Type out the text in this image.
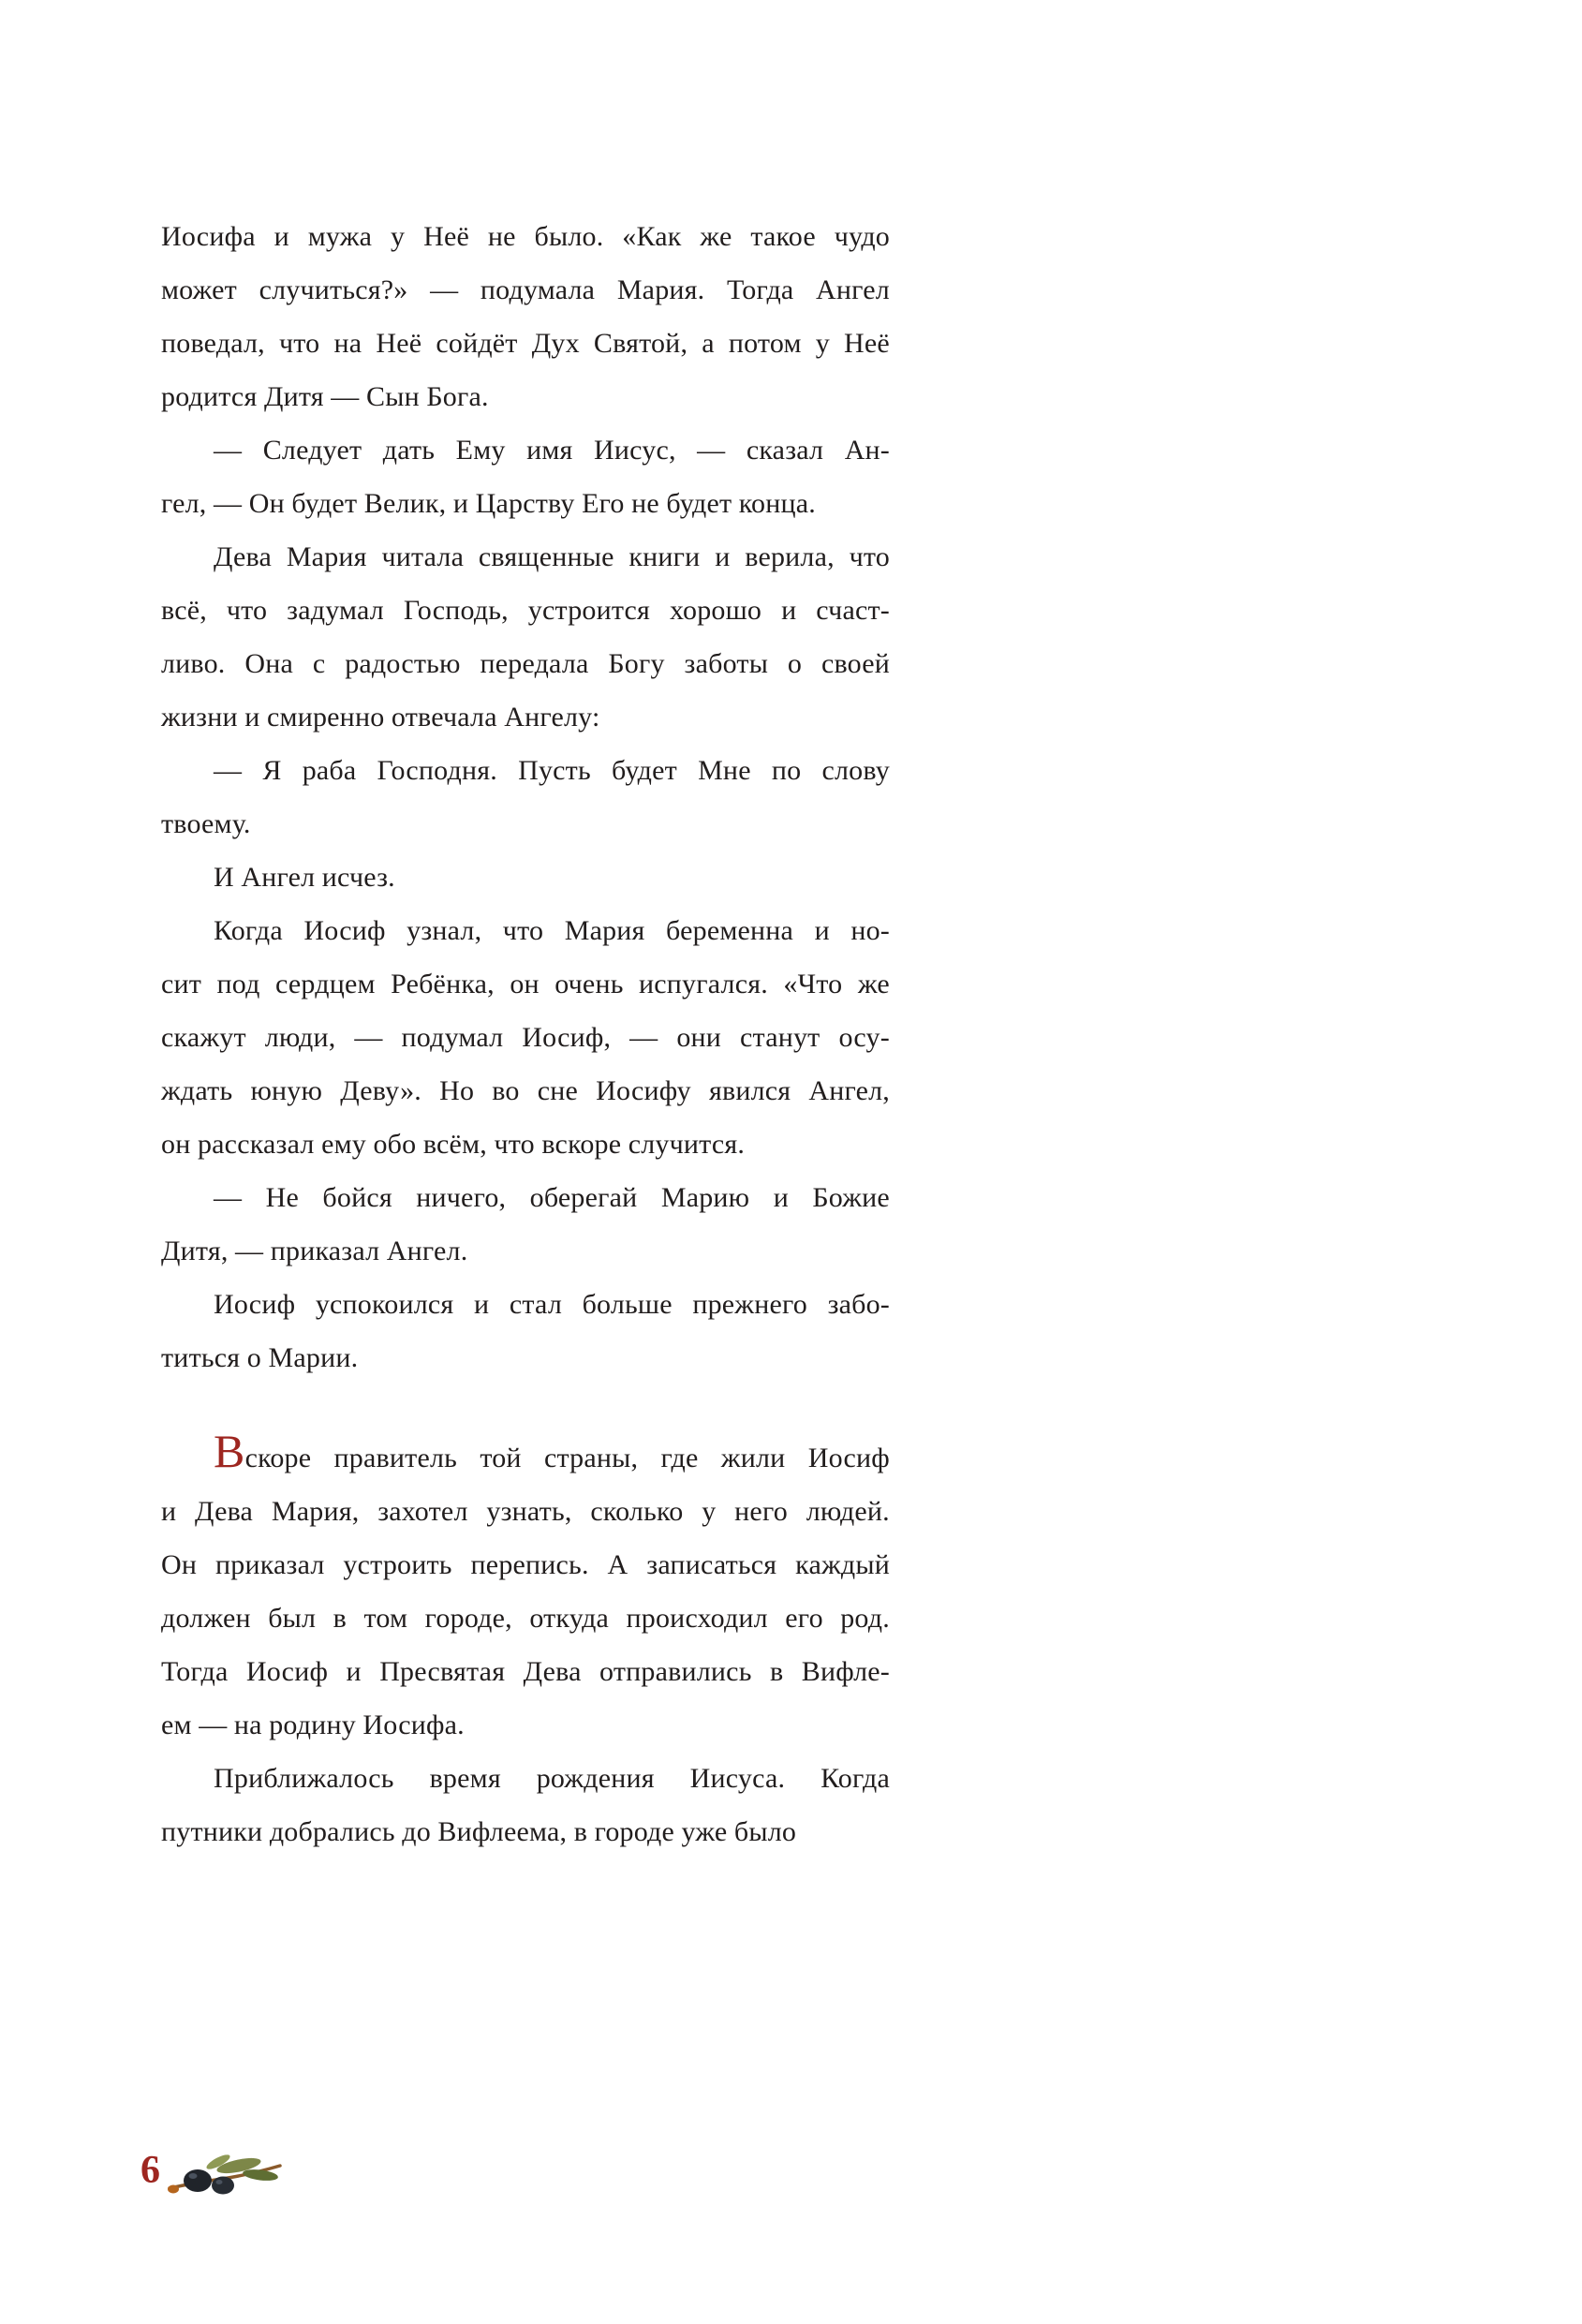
Иосифа и мужа у Неё не было. «Как же такое чудо
может случиться?» — подумала Мария. Тогда Ангел
поведал, что на Неё сойдёт Дух Святой, а потом у Неё
родится Дитя — Сын Бога.

— Следует дать Ему имя Иисус, — сказал Ан-
гел, — Он будет Велик, и Царству Его не будет конца.

Дева Мария читала священные книги и верила, что
всё, что задумал Господь, устроится хорошо и счаст-
ливо. Она с радостью передала Богу заботы о своей
жизни и смиренно отвечала Ангелу:

— Я раба Господня. Пусть будет Мне по слову
твоему.

И Ангел исчез.

Когда Иосиф узнал, что Мария беременна и но-
сит под сердцем Ребёнка, он очень испугался. «Что же
скажут люди, — подумал Иосиф, — они станут осу-
ждать юную Деву». Но во сне Иосифу явился Ангел,
он рассказал ему обо всём, что вскоре случится.

— Не бойся ничего, оберегай Марию и Божие
Дитя, — приказал Ангел.

Иосиф успокоился и стал больше прежнего забо-
титься о Марии.

Вскоре правитель той страны, где жили Иосиф
и Дева Мария, захотел узнать, сколько у него людей.
Он приказал устроить перепись. А записаться каждый
должен был в том городе, откуда происходил его род.
Тогда Иосиф и Пресвятая Дева отправились в Вифле-
ем — на родину Иосифа.

Приближалось время рождения Иисуса. Когда
путники добрались до Вифлеема, в городе уже было

6
